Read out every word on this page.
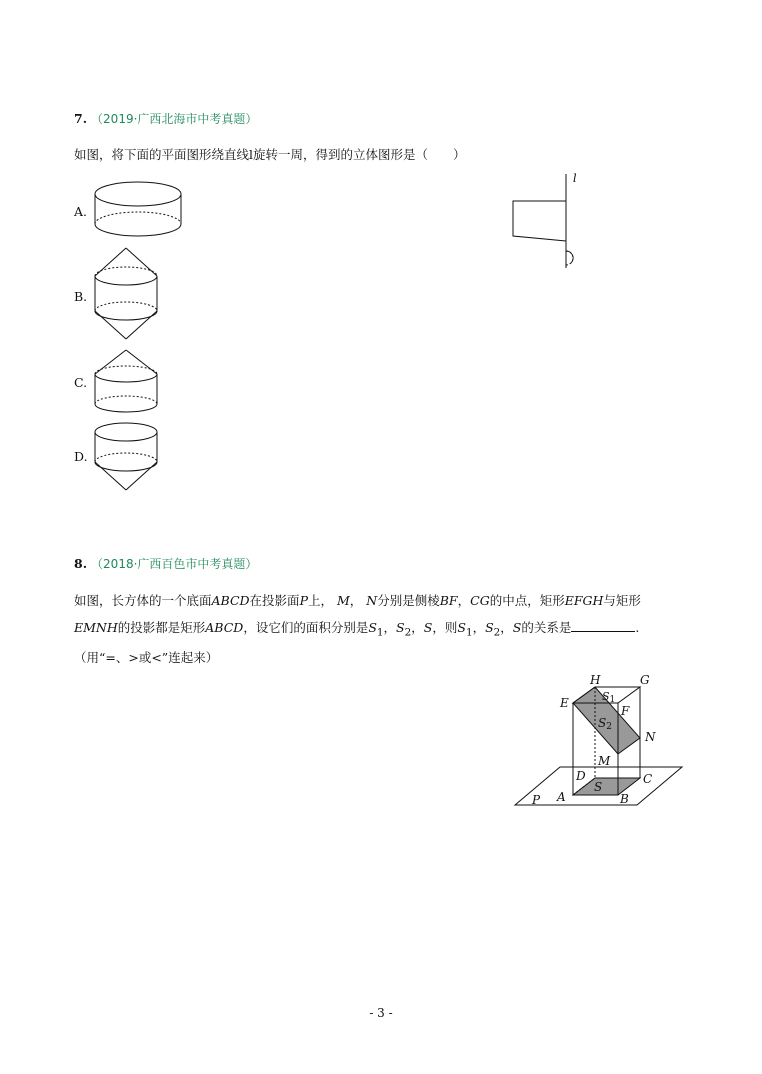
7. （2019·广西北海市中考真题）
如图，将下面的平面图形绕直线l旋转一周，得到的立体图形是（　　）
A.
B.
C.
D.
l
8. （2018·广西百色市中考真题）
如图，长方体的一个底面ABCD在投影面P上， M， N分别是侧棱BF，CG的中点，矩形EFGH与矩形
EMNH的投影都是矩形ABCD，设它们的面积分别是$S_1$，$S_2$，S，则$S_1$，$S_2$，S的关系是	.
（用“=、>或<”连起来）
H
S1
G
E
F
S2
N
M
D	C
S
P A	B
- 3 -
